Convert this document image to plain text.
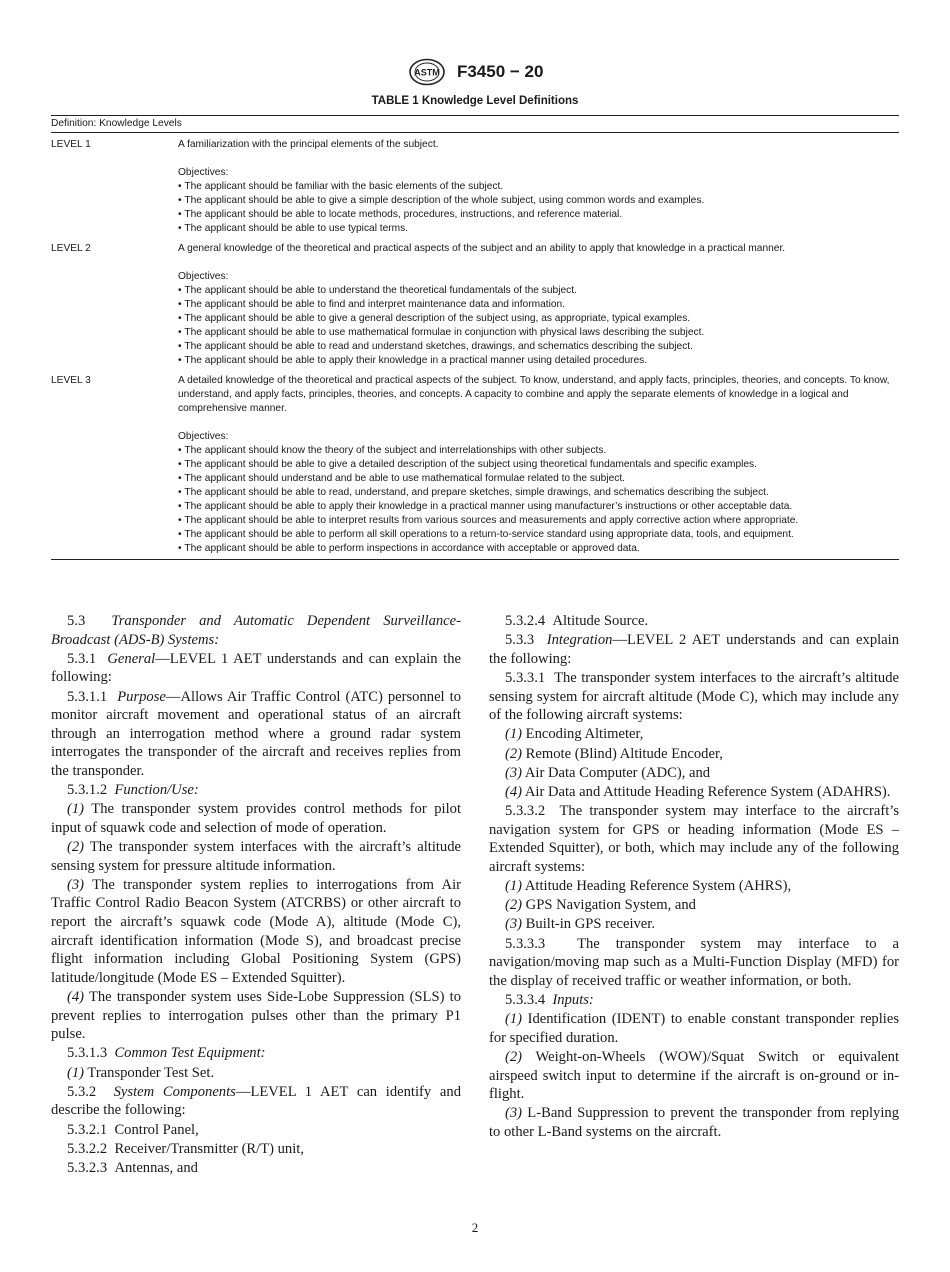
ASTM F3450 − 20
TABLE 1 Knowledge Level Definitions
Definition: Knowledge Levels
LEVEL 1	A familiarization with the principal elements of the subject.
Objectives:
• The applicant should be familiar with the basic elements of the subject.
• The applicant should be able to give a simple description of the whole subject, using common words and examples.
• The applicant should be able to locate methods, procedures, instructions, and reference material.
• The applicant should be able to use typical terms.
LEVEL 2	A general knowledge of the theoretical and practical aspects of the subject and an ability to apply that knowledge in a practical manner.
Objectives:
• The applicant should be able to understand the theoretical fundamentals of the subject.
• The applicant should be able to find and interpret maintenance data and information.
• The applicant should be able to give a general description of the subject using, as appropriate, typical examples.
• The applicant should be able to use mathematical formulae in conjunction with physical laws describing the subject.
• The applicant should be able to read and understand sketches, drawings, and schematics describing the subject.
• The applicant should be able to apply their knowledge in a practical manner using detailed procedures.
LEVEL 3	A detailed knowledge of the theoretical and practical aspects of the subject. To know, understand, and apply facts, principles, theories, and concepts. To know, understand, and apply facts, principles, theories, and concepts. A capacity to combine and apply the separate elements of knowledge in a logical and comprehensive manner.
Objectives:
• The applicant should know the theory of the subject and interrelationships with other subjects.
• The applicant should be able to give a detailed description of the subject using theoretical fundamentals and specific examples.
• The applicant should understand and be able to use mathematical formulae related to the subject.
• The applicant should be able to read, understand, and prepare sketches, simple drawings, and schematics describing the subject.
• The applicant should be able to apply their knowledge in a practical manner using manufacturer’s instructions or other acceptable data.
• The applicant should be able to interpret results from various sources and measurements and apply corrective action where appropriate.
• The applicant should be able to perform all skill operations to a return-to-service standard using appropriate data, tools, and equipment.
• The applicant should be able to perform inspections in accordance with acceptable or approved data.

5.3 Transponder and Automatic Dependent Surveillance-Broadcast (ADS-B) Systems:

5.3.1 General—LEVEL 1 AET understands and can explain the following:

5.3.1.1 Purpose—Allows Air Traffic Control (ATC) personnel to monitor aircraft movement and operational status of an aircraft through an interrogation method where a ground radar system interrogates the transponder of the aircraft and receives replies from the transponder.

5.3.1.2 Function/Use:

(1) The transponder system provides control methods for pilot input of squawk code and selection of mode of operation.

(2) The transponder system interfaces with the aircraft’s altitude sensing system for pressure altitude information.

(3) The transponder system replies to interrogations from Air Traffic Control Radio Beacon System (ATCRBS) or other aircraft to report the aircraft’s squawk code (Mode A), altitude (Mode C), aircraft identification information (Mode S), and broadcast precise flight information including Global Positioning System (GPS) latitude/longitude (Mode ES – Extended Squitter).

(4) The transponder system uses Side-Lobe Suppression (SLS) to prevent replies to interrogation pulses other than the primary P1 pulse.

5.3.1.3 Common Test Equipment:

(1) Transponder Test Set.

5.3.2 System Components—LEVEL 1 AET can identify and describe the following:

5.3.2.1 Control Panel,

5.3.2.2 Receiver/Transmitter (R/T) unit,

5.3.2.3 Antennas, and

5.3.2.4 Altitude Source.

5.3.3 Integration—LEVEL 2 AET understands and can explain the following:

5.3.3.1 The transponder system interfaces to the aircraft’s altitude sensing system for aircraft altitude (Mode C), which may include any of the following aircraft systems:

(1) Encoding Altimeter,

(2) Remote (Blind) Altitude Encoder,

(3) Air Data Computer (ADC), and

(4) Air Data and Attitude Heading Reference System (ADAHRS).

5.3.3.2 The transponder system may interface to the aircraft’s navigation system for GPS or heading information (Mode ES – Extended Squitter), or both, which may include any of the following aircraft systems:

(1) Attitude Heading Reference System (AHRS),

(2) GPS Navigation System, and

(3) Built-in GPS receiver.

5.3.3.3 The transponder system may interface to a navigation/moving map such as a Multi-Function Display (MFD) for the display of received traffic or weather information, or both.

5.3.3.4 Inputs:

(1) Identification (IDENT) to enable constant transponder replies for specified duration.

(2) Weight-on-Wheels (WOW)/Squat Switch or equivalent airspeed switch input to determine if the aircraft is on-ground or in-flight.

(3) L-Band Suppression to prevent the transponder from replying to other L-Band systems on the aircraft.

2
